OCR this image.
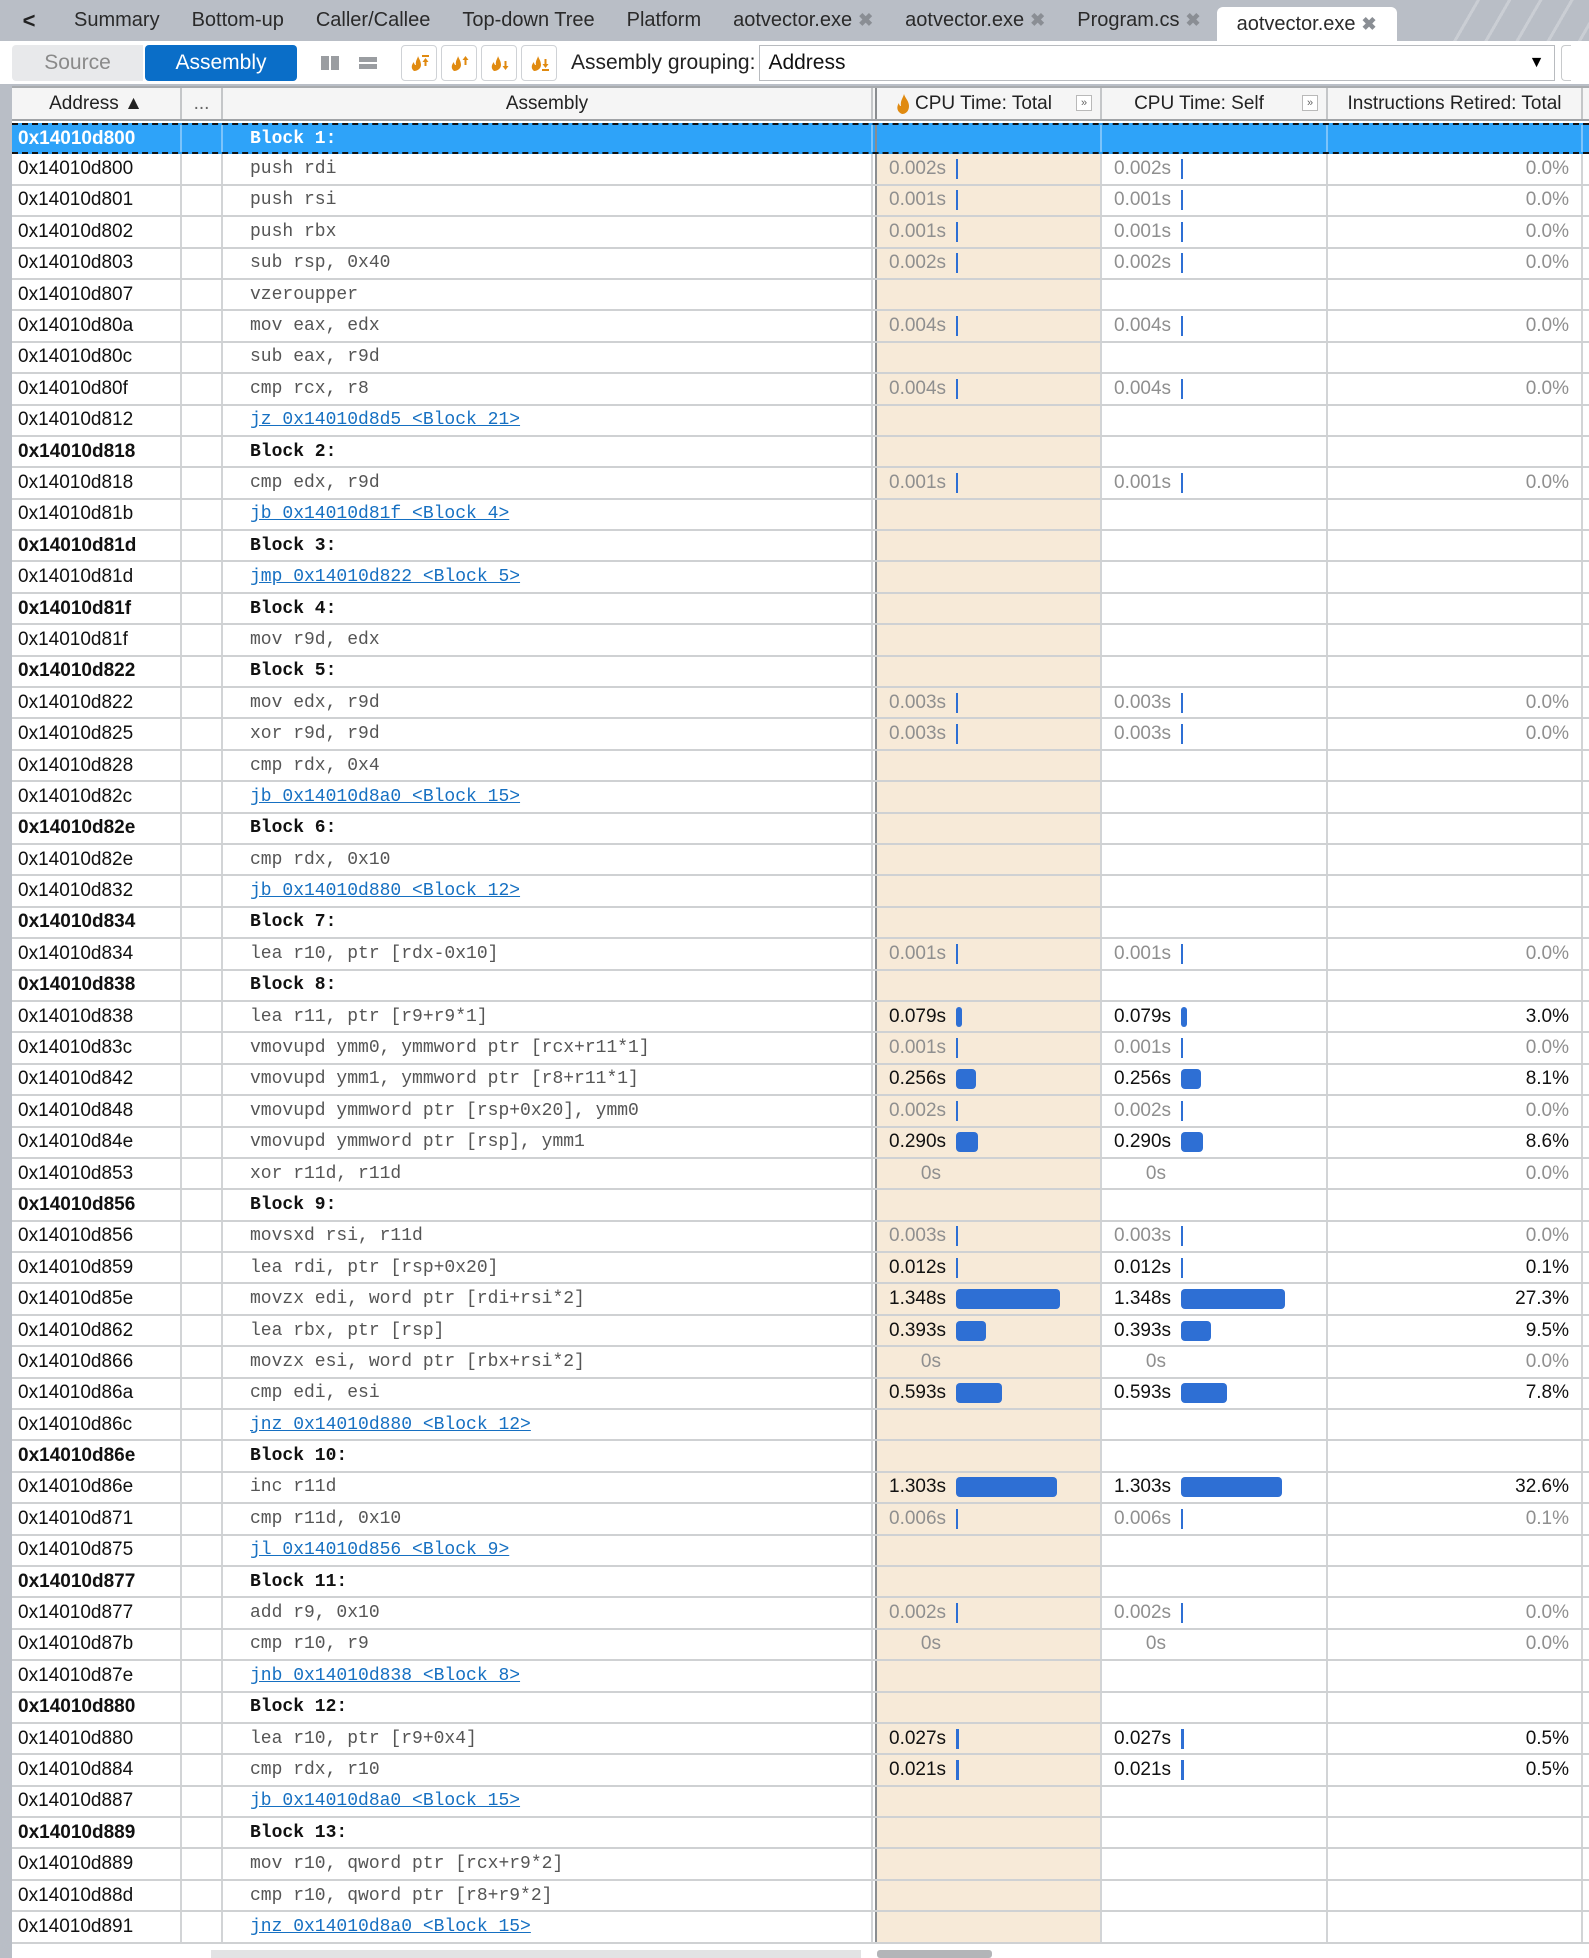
<	Summary Bottom-up Caller/Callee Top-down Tree Platform aotvector.exe ✖ aotvector.exe ✖ Program.cs ✖ aotvector.exe ✖
Source	Assembly	Assembly grouping: Address	▼
Address ▲	...	Assembly	CPU Time: Total	» CPU Time: Self	»	Instructions Retired: Total
0x14010d800	Block 1:
0x14010d800	push rdi	0.002s	0.002s	0.0%
0x14010d801	push rsi	0.001s	0.001s	0.0%
0x14010d802	push rbx	0.001s	0.001s	0.0%
0x14010d803	sub rsp, 0x40	0.002s	0.002s	0.0%
0x14010d807	vzeroupper
0x14010d80a	mov eax, edx	0.004s	0.004s	0.0%
0x14010d80c	sub eax, r9d
0x14010d80f	cmp rcx, r8	0.004s	0.004s	0.0%
0x14010d812	jz 0x14010d8d5 <Block 21>
0x14010d818	Block 2:
0x14010d818	cmp edx, r9d	0.001s	0.001s	0.0%
0x14010d81b	jb 0x14010d81f <Block 4>
0x14010d81d	Block 3:
0x14010d81d	jmp 0x14010d822 <Block 5>
0x14010d81f	Block 4:
0x14010d81f	mov r9d, edx
0x14010d822	Block 5:
0x14010d822	mov edx, r9d	0.003s	0.003s	0.0%
0x14010d825	xor r9d, r9d	0.003s	0.003s	0.0%
0x14010d828	cmp rdx, 0x4
0x14010d82c	jb 0x14010d8a0 <Block 15>
0x14010d82e	Block 6:
0x14010d82e	cmp rdx, 0x10
0x14010d832	jb 0x14010d880 <Block 12>
0x14010d834	Block 7:
0x14010d834	lea r10, ptr [rdx-0x10]	0.001s	0.001s	0.0%
0x14010d838	Block 8:
0x14010d838	lea r11, ptr [r9+r9*1]	0.079s	0.079s	3.0%
0x14010d83c	vmovupd ymm0, ymmword ptr [rcx+r11*1]	0.001s	0.001s	0.0%
0x14010d842	vmovupd ymm1, ymmword ptr [r8+r11*1]	0.256s	0.256s	8.1%
0x14010d848	vmovupd ymmword ptr [rsp+0x20], ymm0	0.002s	0.002s	0.0%
0x14010d84e	vmovupd ymmword ptr [rsp], ymm1	0.290s	0.290s	8.6%
0x14010d853	xor r11d, r11d	0s	0s	0.0%
0x14010d856	Block 9:
0x14010d856	movsxd rsi, r11d	0.003s	0.003s	0.0%
0x14010d859	lea rdi, ptr [rsp+0x20]	0.012s	0.012s	0.1%
0x14010d85e	movzx edi, word ptr [rdi+rsi*2]	1.348s	1.348s	27.3%
0x14010d862	lea rbx, ptr [rsp]	0.393s	0.393s	9.5%
0x14010d866	movzx esi, word ptr [rbx+rsi*2]	0s	0s	0.0%
0x14010d86a	cmp edi, esi	0.593s	0.593s	7.8%
0x14010d86c	jnz 0x14010d880 <Block 12>
0x14010d86e	Block 10:
0x14010d86e	inc r11d	1.303s	1.303s	32.6%
0x14010d871	cmp r11d, 0x10	0.006s	0.006s	0.1%
0x14010d875	jl 0x14010d856 <Block 9>
0x14010d877	Block 11:
0x14010d877	add r9, 0x10	0.002s	0.002s	0.0%
0x14010d87b	cmp r10, r9	0s	0s	0.0%
0x14010d87e	jnb 0x14010d838 <Block 8>
0x14010d880	Block 12:
0x14010d880	lea r10, ptr [r9+0x4]	0.027s	0.027s	0.5%
0x14010d884	cmp rdx, r10	0.021s	0.021s	0.5%
0x14010d887	jb 0x14010d8a0 <Block 15>
0x14010d889	Block 13:
0x14010d889	mov r10, qword ptr [rcx+r9*2]
0x14010d88d	cmp r10, qword ptr [r8+r9*2]
0x14010d891	jnz 0x14010d8a0 <Block 15>
